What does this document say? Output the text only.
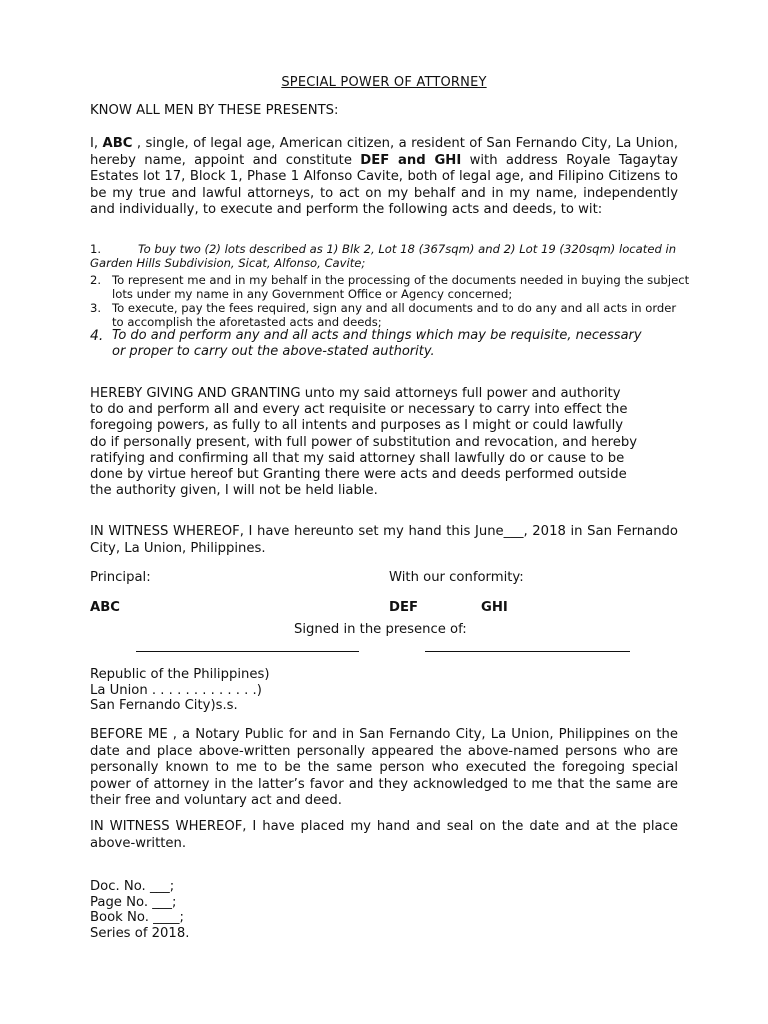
SPECIAL POWER OF ATTORNEY
KNOW ALL MEN BY THESE PRESENTS:
I, ABC , single, of legal age, American citizen, a resident of San Fernando City, La Union, hereby name, appoint and constitute DEF and GHI with address Royale Tagaytay Estates lot 17, Block 1, Phase 1 Alfonso Cavite, both of legal age, and Filipino Citizens to be my true and lawful attorneys, to act on my behalf and in my name, independently and individually, to execute and perform the following acts and deeds, to wit:
1.	To buy two (2) lots described as 1) Blk 2, Lot 18 (367sqm) and 2) Lot 19 (320sqm) located in Garden Hills Subdivision, Sicat, Alfonso, Cavite;
2. To represent me and in my behalf in the processing of the documents needed in buying the subject lots under my name in any Government Office or Agency concerned;
3. To execute, pay the fees required, sign any and all documents and to do any and all acts in order to accomplish the aforetasted acts and deeds;
4. To do and perform any and all acts and things which may be requisite, necessary or proper to carry out the above-stated authority.
HEREBY GIVING AND GRANTING unto my said attorneys full power and authority
to do and perform all and every act requisite or necessary to carry into effect the
foregoing powers, as fully to all intents and purposes as I might or could lawfully
do if personally present, with full power of substitution and revocation, and hereby
ratifying and confirming all that my said attorney shall lawfully do or cause to be
done by virtue hereof but Granting there were acts and deeds performed outside
the authority given, I will not be held liable.
IN WITNESS WHEREOF, I have hereunto set my hand this June___, 2018 in San Fernando City, La Union, Philippines.
Principal:	With our conformity:
ABC	DEF	GHI
Signed in the presence of:
Republic of the Philippines)
La Union . . . . . . . . . . . . .)
San Fernando City)s.s.
BEFORE ME , a Notary Public for and in San Fernando City, La Union, Philippines on the date and place above-written personally appeared the above-named persons who are personally known to me to be the same person who executed the foregoing special power of attorney in the latter’s favor and they acknowledged to me that the same are their free and voluntary act and deed.
IN WITNESS WHEREOF, I have placed my hand and seal on the date and at the place above-written.
Doc. No. ___;
Page No. ___;
Book No. ____;
Series of 2018.
